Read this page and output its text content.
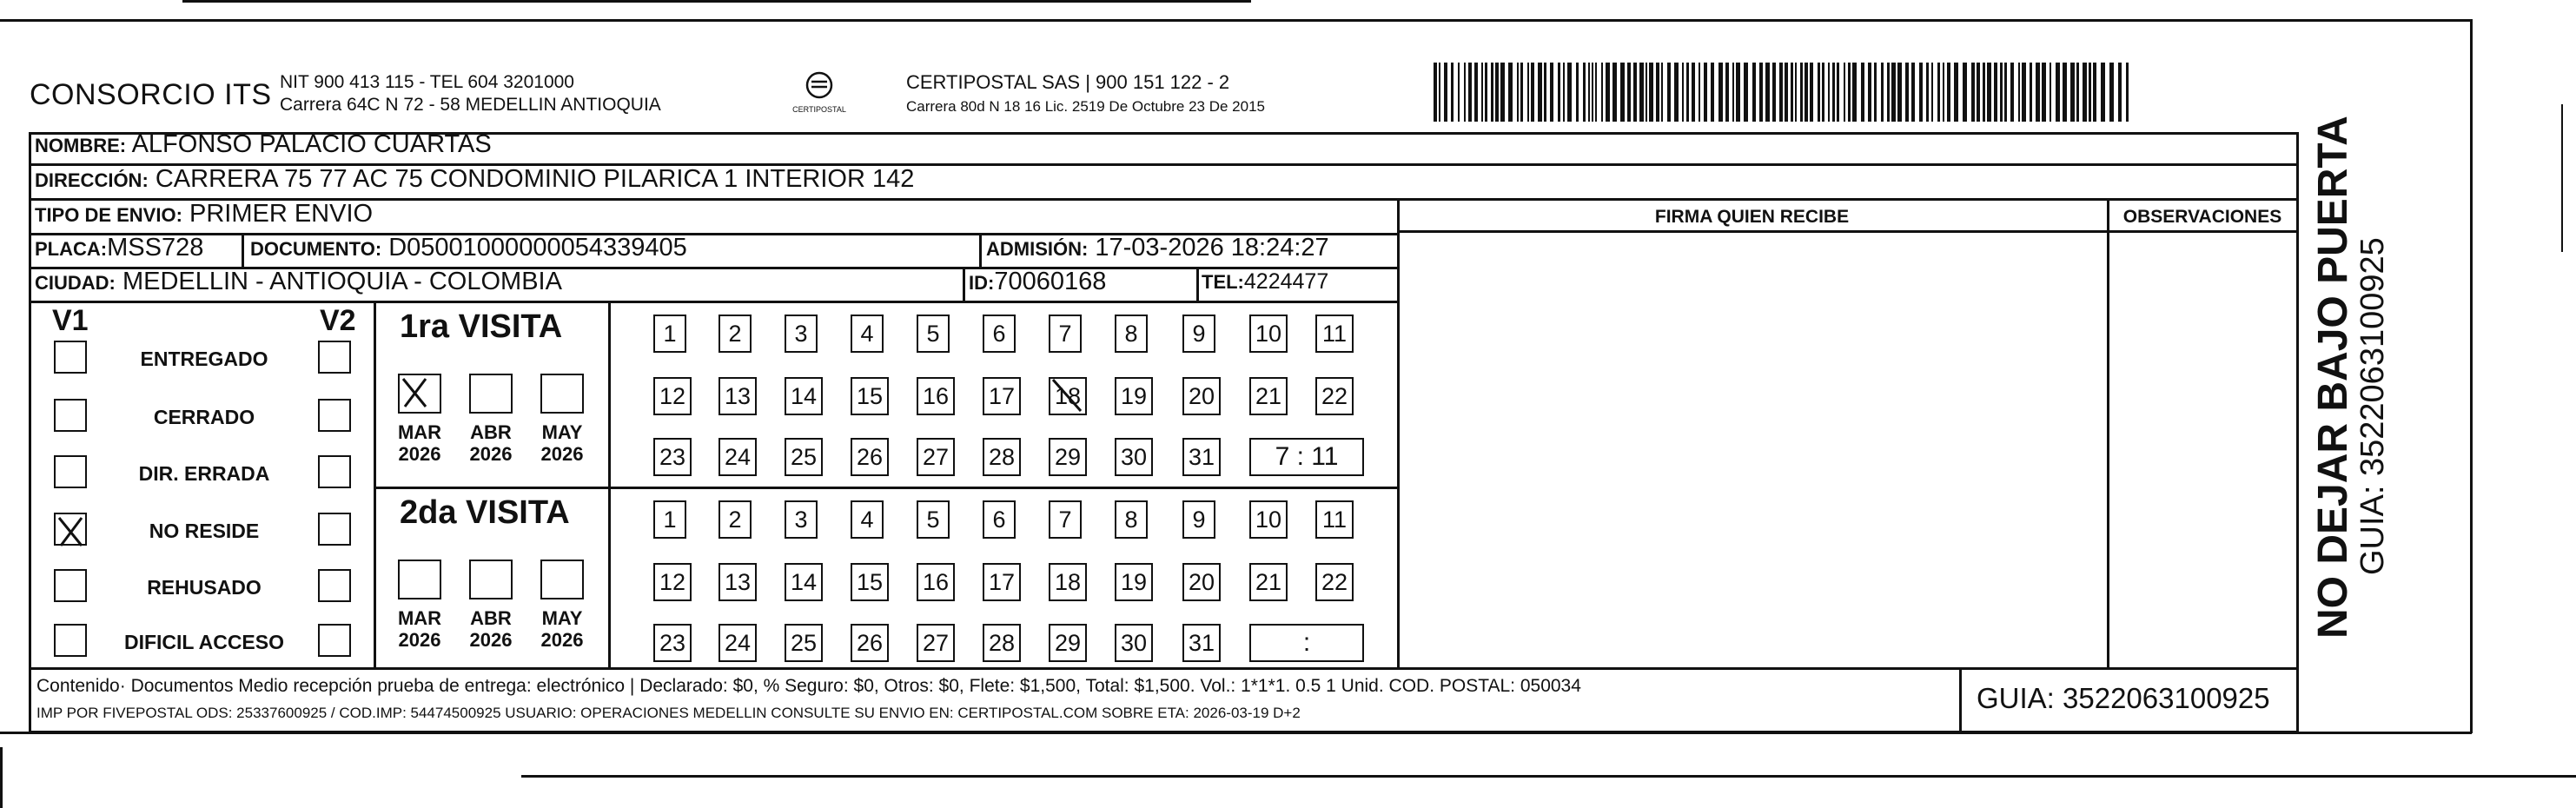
CONSORCIO ITS NIT 900 413 115 - TEL 604 3201000
Carrera 64C N 72 - 58 MEDELLIN ANTIOQUIA	CERTIPOSTAL
CERTIPOSTAL SAS | 900 151 122 - 2
Carrera 80d N 18 16 Lic. 2519 De Octubre 23 De 2015
NOMBRE: ALFONSO PALACIO CUARTAS
DIRECCIÓN: CARRERA 75 77 AC 75 CONDOMINIO PILARICA 1 INTERIOR 142
TIPO DE ENVIO: PRIMER ENVIO	FIRMA QUIEN RECIBE	OBSERVACIONES
PLACA:MSS728 DOCUMENTO: D05001000000054339405	ADMISIÓN: 17-03-2026 18:24:27
CIUDAD: MEDELLIN - ANTIOQUIA - COLOMBIA	ID:70060168	TEL:4224477
V1	V2
ENTREGADO
CERRADO
DIR. ERRADA
NO RESIDE
REHUSADO
DIFICIL ACCESO
1ra VISITA
MAR
2026
ABR
2026
MAY
2026
1	2	3	4	5	6	7	8	9	10 11
12 13 14 15 16 17 18 19 20 21 22
23 24 25 26 27 28 29 30 31	7 : 11
2da VISITA
MAR
2026
ABR
2026
MAY
2026
1	2	3	4	5	6	7	8	9	10 11
12 13 14 15 16 17 18 19 20 21 22
23 24 25 26 27 28 29 30 31	:
Contenido· Documentos Medio recepción prueba de entrega: electrónico | Declarado: $0, % Seguro: $0, Otros: $0, Flete: $1,500, Total: $1,500. Vol.: 1*1*1. 0.5 1 Unid. COD. POSTAL: 050034
IMP POR FIVEPOSTAL ODS: 25337600925 / COD.IMP: 54474500925 USUARIO: OPERACIONES MEDELLIN CONSULTE SU ENVIO EN: CERTIPOSTAL.COM SOBRE ETA: 2026-03-19 D+2	GUIA: 3522063100925
NO DEJAR BAJO PUERTA
GUIA: 3522063100925
